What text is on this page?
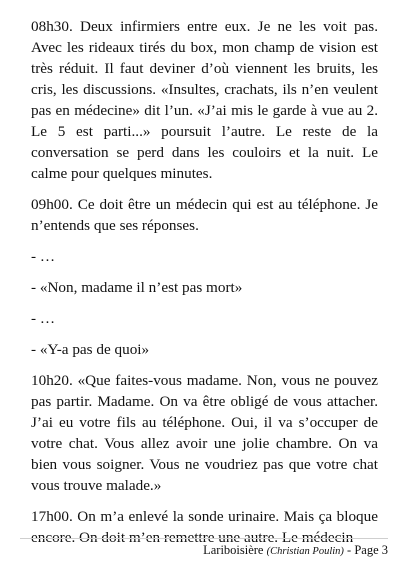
08h30. Deux infirmiers entre eux. Je ne les voit pas. Avec les rideaux tirés du box, mon champ de vision est très réduit. Il faut deviner d’où viennent les bruits, les cris, les discussions. «Insultes, crachats, ils n’en veulent pas en médecine» dit l’un. «J’ai mis le garde à vue au 2. Le 5 est parti...» poursuit l’autre. Le reste de la conversation se perd dans les couloirs et la nuit. Le calme pour quelques minutes.

09h00. Ce doit être un médecin qui est au téléphone. Je n’entends que ses réponses.

- …

- «Non, madame il n’est pas mort»

- …

- «Y-a pas de quoi»

10h20. «Que faites-vous madame. Non, vous ne pouvez pas partir. Madame. On va être obligé de vous attacher. J’ai eu votre fils au téléphone. Oui, il va s’occuper de votre chat. Vous allez avoir une jolie chambre. On va bien vous soigner. Vous ne voudriez pas que votre chat vous trouve malade.»

17h00. On m’a enlevé la sonde urinaire. Mais ça bloque encore. On doit m’en remettre une autre. Le médecin

Lariboisière (Christian Poulin) - Page 3
